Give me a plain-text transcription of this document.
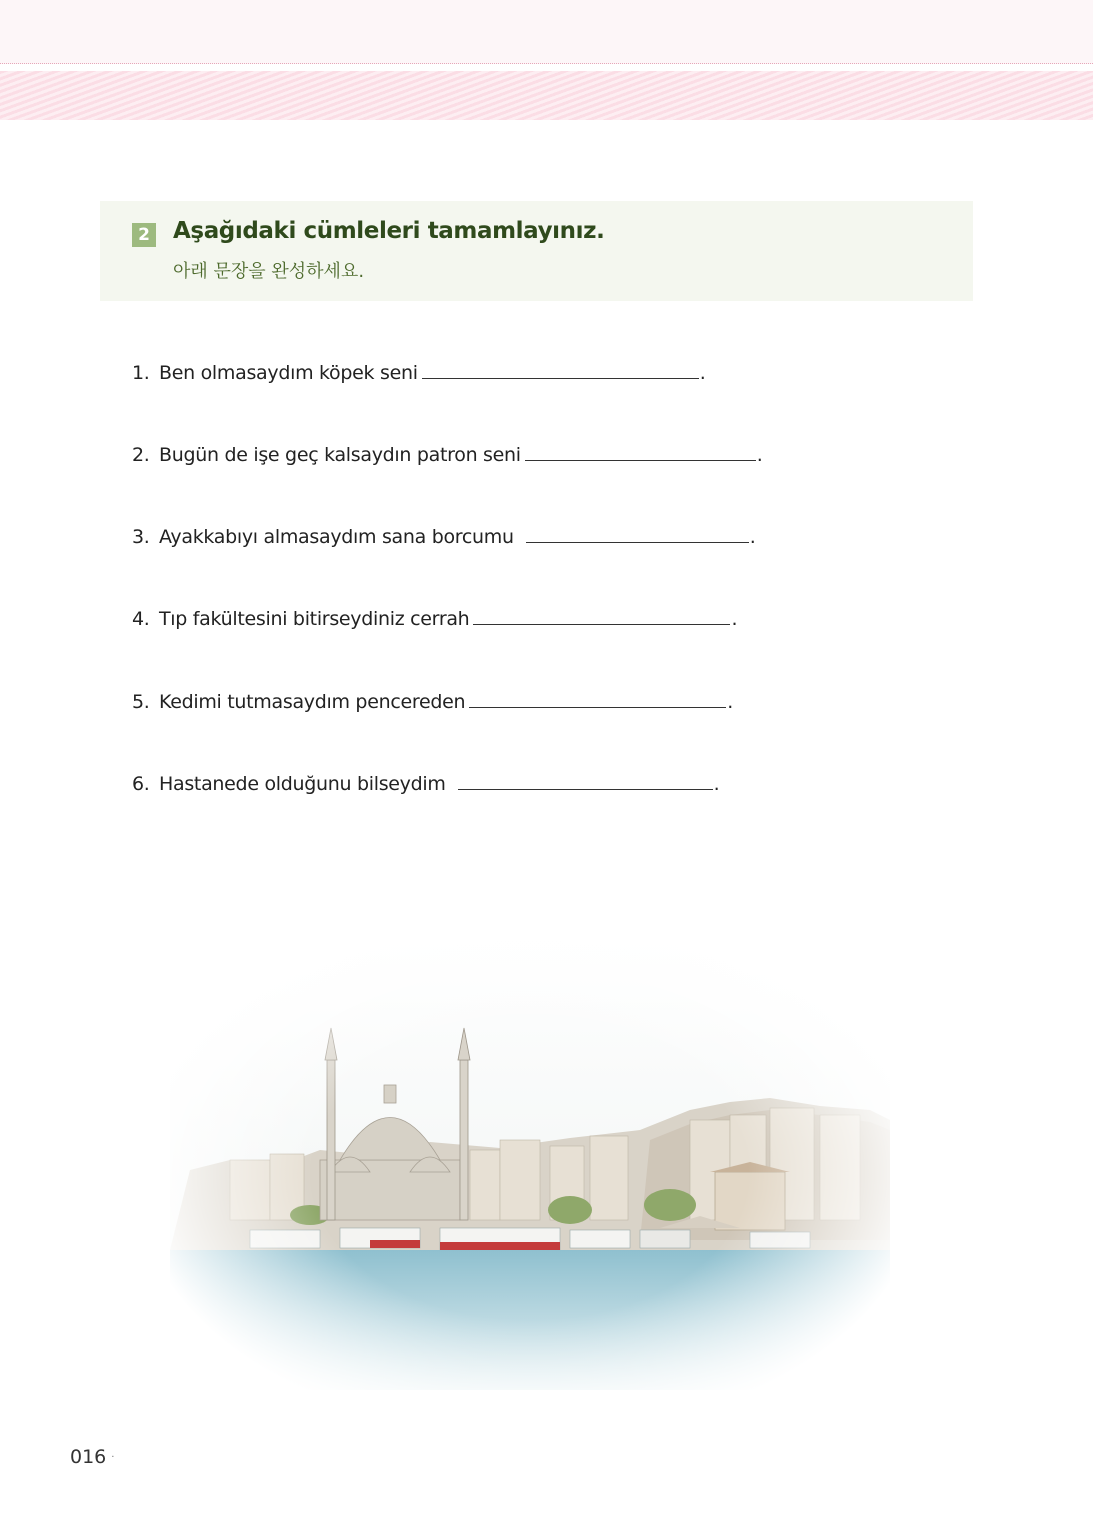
2 Aşağıdaki cümleleri tamamlayınız.
아래 문장을 완성하세요.
1. Ben olmasaydım köpek seni	.
2. Bugün de işe geç kalsaydın patron seni	.
3. Ayakkabıyı almasaydım sana borcumu	.
4. Tıp fakültesini bitirseydiniz cerrah	.
5. Kedimi tutmasaydım pencereden	.
6. Hastanede olduğunu bilseydim	.
016 ·
